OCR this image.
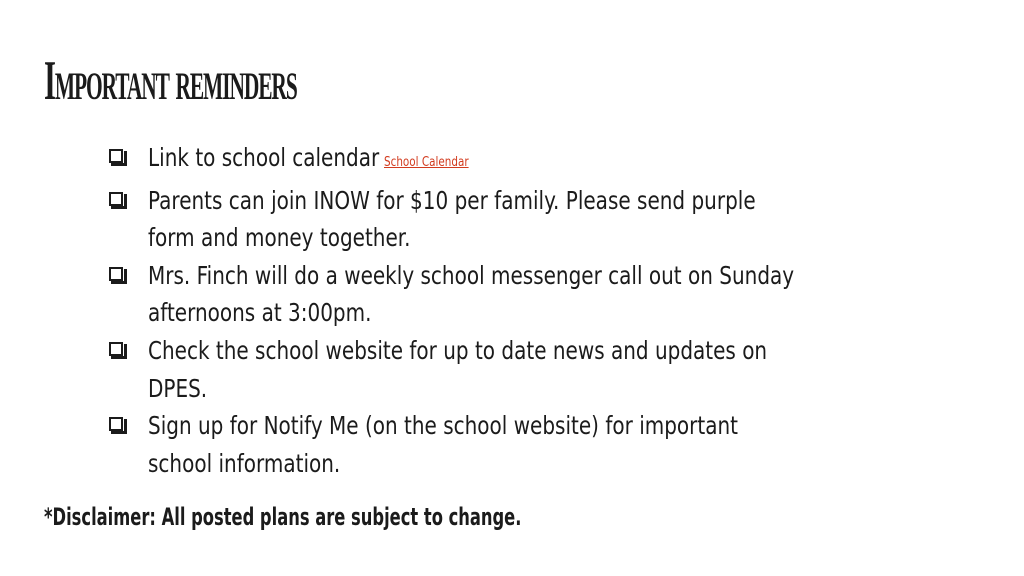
Important reminders
Link to school calendar School Calendar
Parents can join INOW for $10 per family. Please send purple form and money together.
Mrs. Finch will do a weekly school messenger call out on Sunday afternoons at 3:00pm.
Check the school website for up to date news and updates on DPES.
Sign up for Notify Me (on the school website) for important school information.

*Disclaimer: All posted plans are subject to change.
